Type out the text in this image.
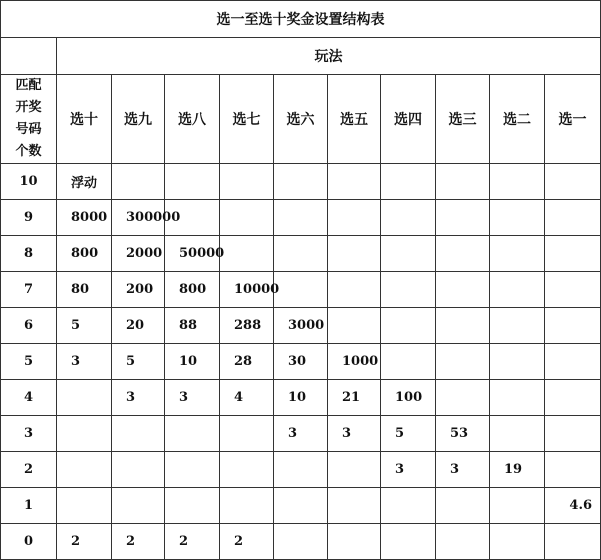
选一至选十奖金设置结构表										
	玩法									

匹配
开奖
号码
个数	选十	选九	选八	选七	选六	选五	选四	选三	选二	选一
10	浮动									
9	8000	300000								
8	800	2000	50000							
7	80	200	800	10000						
6	5	20	88	288	3000					
5	3	5	10	28	30	1000				
4		3	3	4	10	21	100			
3					3	3	5	53		
2							3	3	19	
1										4.6
0	2	2	2	2						
